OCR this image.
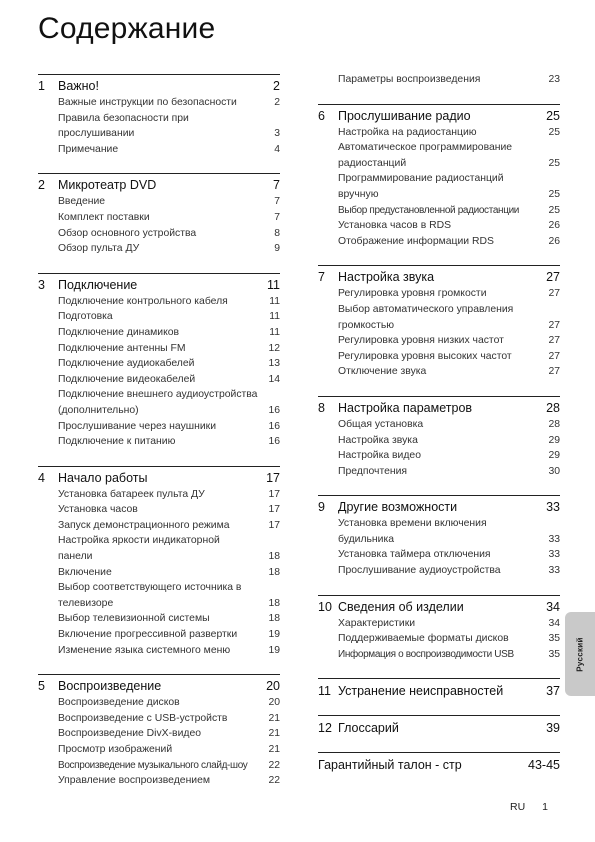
Содержание
1	Важно!	2
Важные инструкции по безопасности	2
Правила безопасности при
прослушивании	3
Примечание	4
2	Микротеатр DVD	7
Введение	7
Комплект поставки	7
Обзор основного устройства	8
Обзор пульта ДУ	9
3	Подключение	11
Подключение контрольного кабеля	11
Подготовка	11
Подключение динамиков	11
Подключение антенны FM	12
Подключение аудиокабелей	13
Подключение видеокабелей	14
Подключение внешнего аудиоустройства
(дополнительно)	16
Прослушивание через наушники	16
Подключение к питанию	16
4	Начало работы	17
Установка батареек пульта ДУ	17
Установка часов	17
Запуск демонстрационного режима	17
Настройка яркости индикаторной
панели	18
Включение	18
Выбор соответствующего источника в
телевизоре	18
Выбор телевизионной системы	18
Включение прогрессивной развертки	19
Изменение языка системного меню	19
5	Воспроизведение	20
Воспроизведение дисков	20
Воспроизведение с USB-устройств	21
Воспроизведение DivX-видео	21
Просмотр изображений	21
Воспроизведение музыкального слайд-шоу	22
Управление воспроизведением	22
Параметры воспроизведения	23
6	Прослушивание радио	25
Настройка на радиостанцию	25
Автоматическое программирование
радиостанций	25
Программирование радиостанций
вручную	25
Выбор предустановленной радиостанции	25
Установка часов в RDS	26
Отображение информации RDS	26
7	Настройка звука	27
Регулировка уровня громкости	27
Выбор автоматического управления
громкостью	27
Регулировка уровня низких частот	27
Регулировка уровня высоких частот	27
Отключение звука	27
8	Настройка параметров	28
Общая установка	28
Настройка звука	29
Настройка видео	29
Предпочтения	30
9	Другие возможности	33
Установка времени включения
будильника	33
Установка таймера отключения	33
Прослушивание аудиоустройства	33
10 Сведения об изделии	34
Характеристики	34
Поддерживаемые форматы дисков	35
Информация о воспроизводимости USB	35
11 Устранение неисправностей	37
12 Глоссарий	39
Гарантийный талон - стр	43-45
Русский
RU 1
